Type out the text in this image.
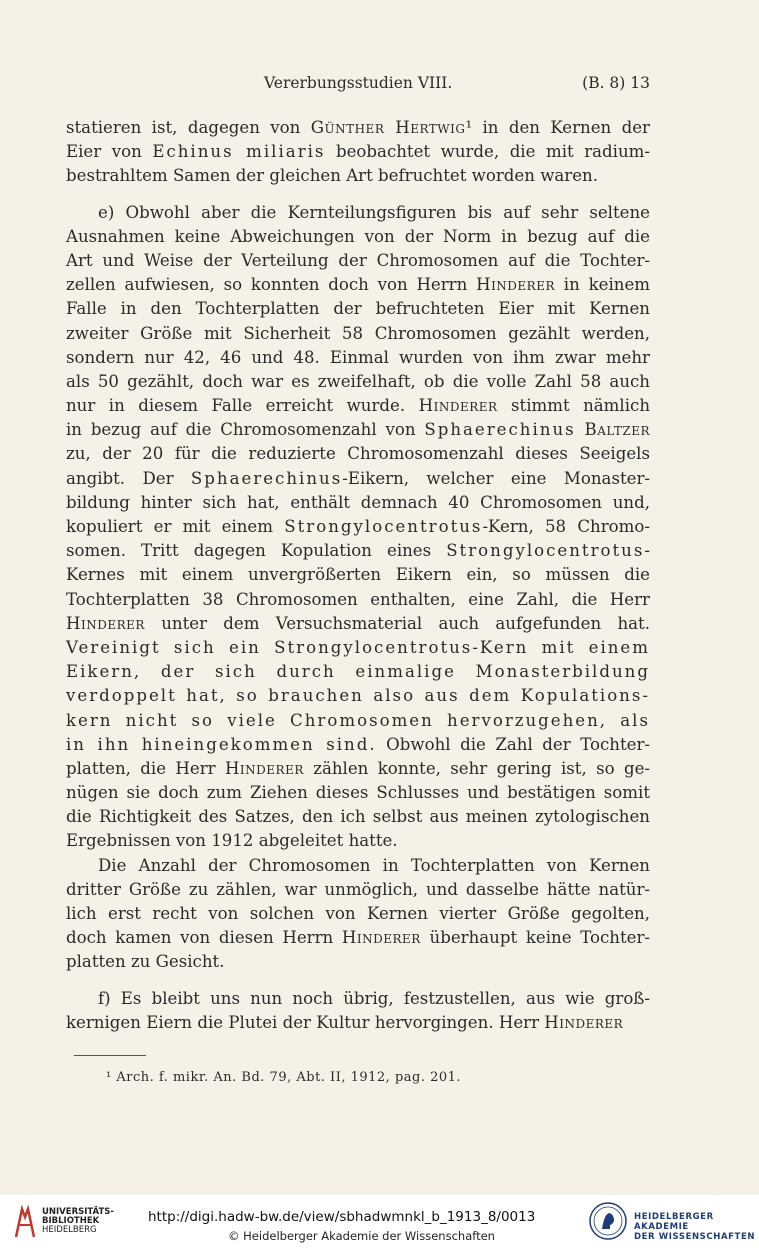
Vererbungsstudien VIII.	(B. 8) 13
statieren ist, dagegen von Günther Hertwig¹ in den Kernen der
Eier von Echinus miliaris beobachtet wurde, die mit radium-
bestrahltem Samen der gleichen Art befruchtet worden waren.
e) Obwohl aber die Kernteilungsfiguren bis auf sehr seltene
Ausnahmen keine Abweichungen von der Norm in bezug auf die
Art und Weise der Verteilung der Chromosomen auf die Tochter-
zellen aufwiesen, so konnten doch von Herrn Hinderer in keinem
Falle in den Tochterplatten der befruchteten Eier mit Kernen
zweiter Größe mit Sicherheit 58 Chromosomen gezählt werden,
sondern nur 42, 46 und 48. Einmal wurden von ihm zwar mehr
als 50 gezählt, doch war es zweifelhaft, ob die volle Zahl 58 auch
nur in diesem Falle erreicht wurde. Hinderer stimmt nämlich
in bezug auf die Chromosomenzahl von Sphaerechinus Baltzer
zu, der 20 für die reduzierte Chromosomenzahl dieses Seeigels
angibt. Der Sphaerechinus-Eikern, welcher eine Monaster-
bildung hinter sich hat, enthält demnach 40 Chromosomen und,
kopuliert er mit einem Strongylocentrotus-Kern, 58 Chromo-
somen. Tritt dagegen Kopulation eines Strongylocentrotus-
Kernes mit einem unvergrößerten Eikern ein, so müssen die
Tochterplatten 38 Chromosomen enthalten, eine Zahl, die Herr
Hinderer unter dem Versuchsmaterial auch aufgefunden hat.
Vereinigt sich ein Strongylocentrotus-Kern mit einem
Eikern, der sich durch einmalige Monasterbildung
verdoppelt hat, so brauchen also aus dem Kopulations-
kern nicht so viele Chromosomen hervorzugehen, als
in ihn hineingekommen sind. Obwohl die Zahl der Tochter-
platten, die Herr Hinderer zählen konnte, sehr gering ist, so ge-
nügen sie doch zum Ziehen dieses Schlusses und bestätigen somit
die Richtigkeit des Satzes, den ich selbst aus meinen zytologischen
Ergebnissen von 1912 abgeleitet hatte.
Die Anzahl der Chromosomen in Tochterplatten von Kernen
dritter Größe zu zählen, war unmöglich, und dasselbe hätte natür-
lich erst recht von solchen von Kernen vierter Größe gegolten,
doch kamen von diesen Herrn Hinderer überhaupt keine Tochter-
platten zu Gesicht.
f) Es bleibt uns nun noch übrig, festzustellen, aus wie groß-
kernigen Eiern die Plutei der Kultur hervorgingen. Herr Hinderer
¹ Arch. f. mikr. An. Bd. 79, Abt. II, 1912, pag. 201.
UNIVERSITÄTS-
BIBLIOTHEK
HEIDELBERG
http://digi.hadw-bw.de/view/sbhadwmnkl_b_1913_8/0013
© Heidelberger Akademie der Wissenschaften
HEIDELBERGER AKADEMIE
DER WISSENSCHAFTEN
